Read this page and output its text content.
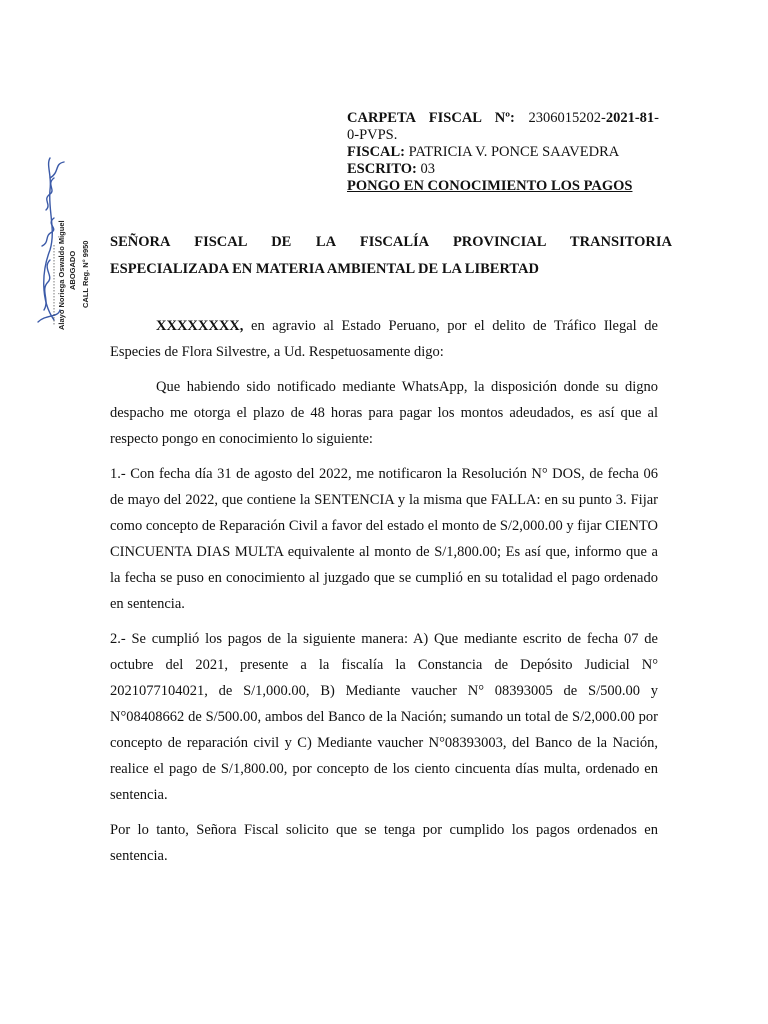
Alayo Noriega Oswaldo Miguel ABOGADO CALL Reg. N° 9950
CARPETA FISCAL Nº: 2306015202-2021-81-
0-PVPS.
FISCAL: PATRICIA V. PONCE SAAVEDRA
ESCRITO: 03
PONGO EN CONOCIMIENTO LOS PAGOS
SEÑORA FISCAL DE LA FISCALÍA PROVINCIAL TRANSITORIA
ESPECIALIZADA EN MATERIA AMBIENTAL DE LA LIBERTAD

XXXXXXXX, en agravio al Estado Peruano, por el delito de Tráfico Ilegal de Especies de Flora Silvestre, a Ud. Respetuosamente digo:

Que habiendo sido notificado mediante WhatsApp, la disposición donde su digno despacho me otorga el plazo de 48 horas para pagar los montos adeudados, es así que al respecto pongo en conocimiento lo siguiente:

1.- Con fecha día 31 de agosto del 2022, me notificaron la Resolución N° DOS, de fecha 06 de mayo del 2022, que contiene la SENTENCIA y la misma que FALLA: en su punto 3. Fijar como concepto de Reparación Civil a favor del estado el monto de S/2,000.00 y fijar CIENTO CINCUENTA DIAS MULTA equivalente al monto de S/1,800.00; Es así que, informo que a la fecha se puso en conocimiento al juzgado que se cumplió en su totalidad el pago ordenado en sentencia.

2.- Se cumplió los pagos de la siguiente manera: A) Que mediante escrito de fecha 07 de octubre del 2021, presente a la fiscalía la Constancia de Depósito Judicial N° 2021077104021, de S/1,000.00, B) Mediante vaucher N° 08393005 de S/500.00 y N°08408662 de S/500.00, ambos del Banco de la Nación; sumando un total de S/2,000.00 por concepto de reparación civil y C) Mediante vaucher N°08393003, del Banco de la Nación, realice el pago de S/1,800.00, por concepto de los ciento cincuenta días multa, ordenado en sentencia.

Por lo tanto, Señora Fiscal solicito que se tenga por cumplido los pagos ordenados en sentencia.
